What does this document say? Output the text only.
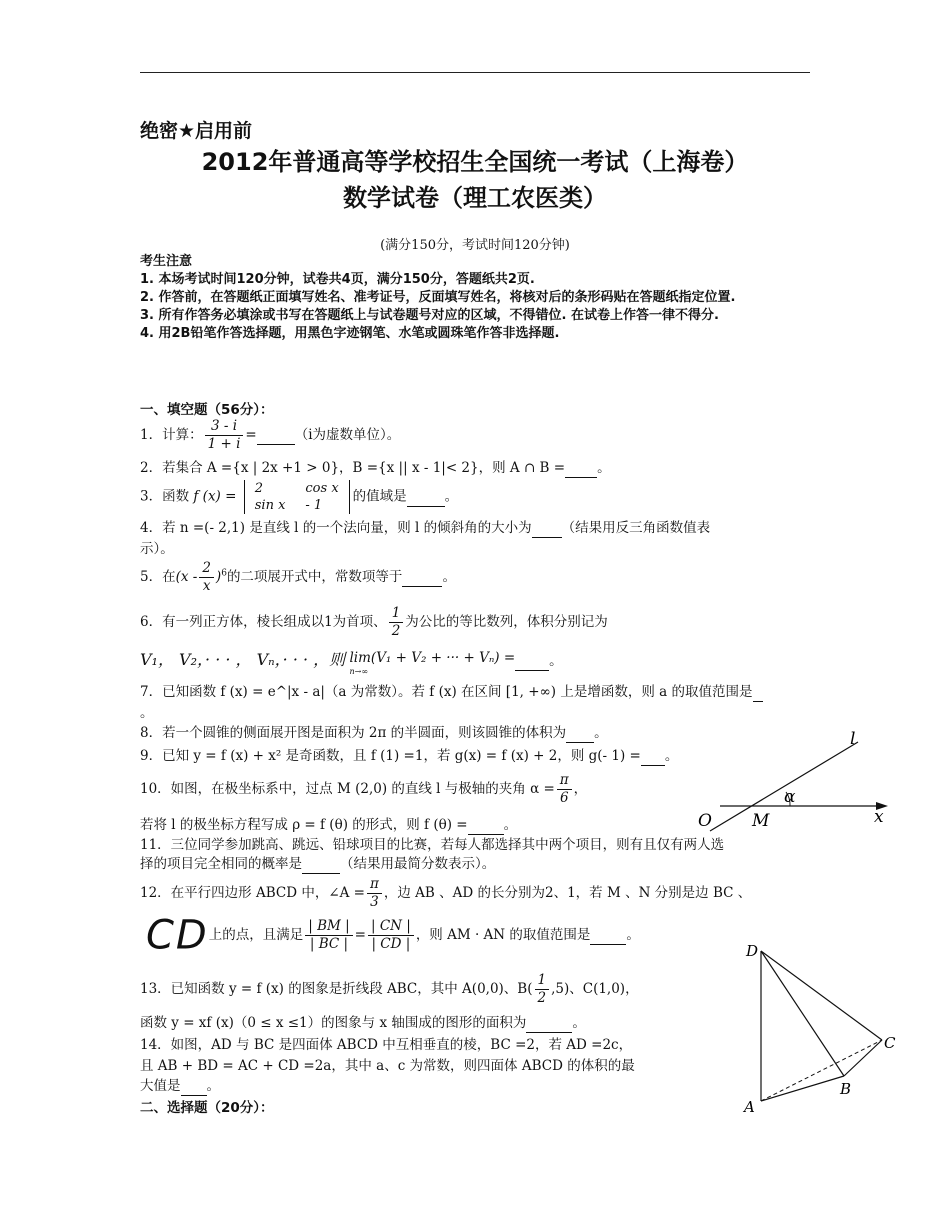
绝密★启用前
2012年普通高等学校招生全国统一考试（上海卷）
数学试卷（理工农医类）
(满分150分，考试时间120分钟)

考生注意

1. 本场考试时间120分钟，试卷共4页，满分150分，答题纸共2页.

2. 作答前，在答题纸正面填写姓名、准考证号，反面填写姓名，将核对后的条形码贴在答题纸指定位置.

3. 所有作答务必填涂或书写在答题纸上与试卷题号对应的区域，不得错位. 在试卷上作答一律不得分.

4. 用2B铅笔作答选择题，用黑色字迹钢笔、水笔或圆珠笔作答非选择题.

一、填空题（56分）：
1．计算： $\frac{3 - i}{1 + i}$ =	（i为虚数单位）。
2．若集合 A ={x | 2x +1 > 0}，B ={x || x - 1|< 2}，则 A ∩ B = 。
3．函数 f (x) = 2	cos x
sin x	- 1的值域是	。
4．若 n =(- 2,1) 是直线 l 的一个法向量，则 l 的倾斜角的大小为 （结果用反三角函数值表
示）。
5．在$(x - \frac{2}{x} )^6$的二项展开式中，常数项等于	。
6．有一列正方体，棱长组成以1为首项、 $\frac{1}{2}$ 为公比的等比数列，体积分别记为
V₁， V₂，· · · ， Vₙ，· · · ，则 lim(V₁ + V₂ + ··· + Vₙ) =

n→∞
。
7．已知函数 f (x) = e^|x - a|（a 为常数）。若 f (x) 在区间 [1, +∞) 上是增函数，则 a 的取值范围是
。
8．若一个圆锥的侧面展开图是面积为 2π 的半圆面，则该圆锥的体积为 。
9．已知 y = f (x) + x² 是奇函数，且 f (1) =1，若 g(x) = f (x) + 2，则 g(- 1) = 。
10．如图，在极坐标系中，过点 M (2,0) 的直线 l 与极轴的夹角 $\alpha = \frac{\pi}{6}$ ，
若将 l 的极坐标方程写成 ρ = f (θ) 的形式，则 f (θ) =	。
l
α
O M	x
11．三位同学参加跳高、跳远、铅球项目的比赛，若每人都选择其中两个项目，则有且仅有两人选
择的项目完全相同的概率是	（结果用最简分数表示）。
12．在平行四边形 ABCD 中，∠A = $\frac{\pi}{3}$ ，边 AB 、AD 的长分别为2、1，若 M 、N 分别是边 BC 、
CD上的点，且满足 $\frac{| BM |}{| BC |} = \frac{| CN |}{| CD |}$ ，则 AM · AN 的取值范围是	。
13．已知函数 y = f (x) 的图象是折线段 ABC，其中 A(0,0)、$B( \frac{1}{2} ,5)$、C(1,0)，
函数 y = xf (x)（0 ≤ x ≤1）的图象与 x 轴围成的图形的面积为	。
14．如图，AD 与 BC 是四面体 ABCD 中互相垂直的棱，BC =2，若 AD =2c，
且 AB + BD = AC + CD =2a，其中 a、c 为常数，则四面体 ABCD 的体积的最
大值是 。
D
C
B
A
二、选择题（20分）：
